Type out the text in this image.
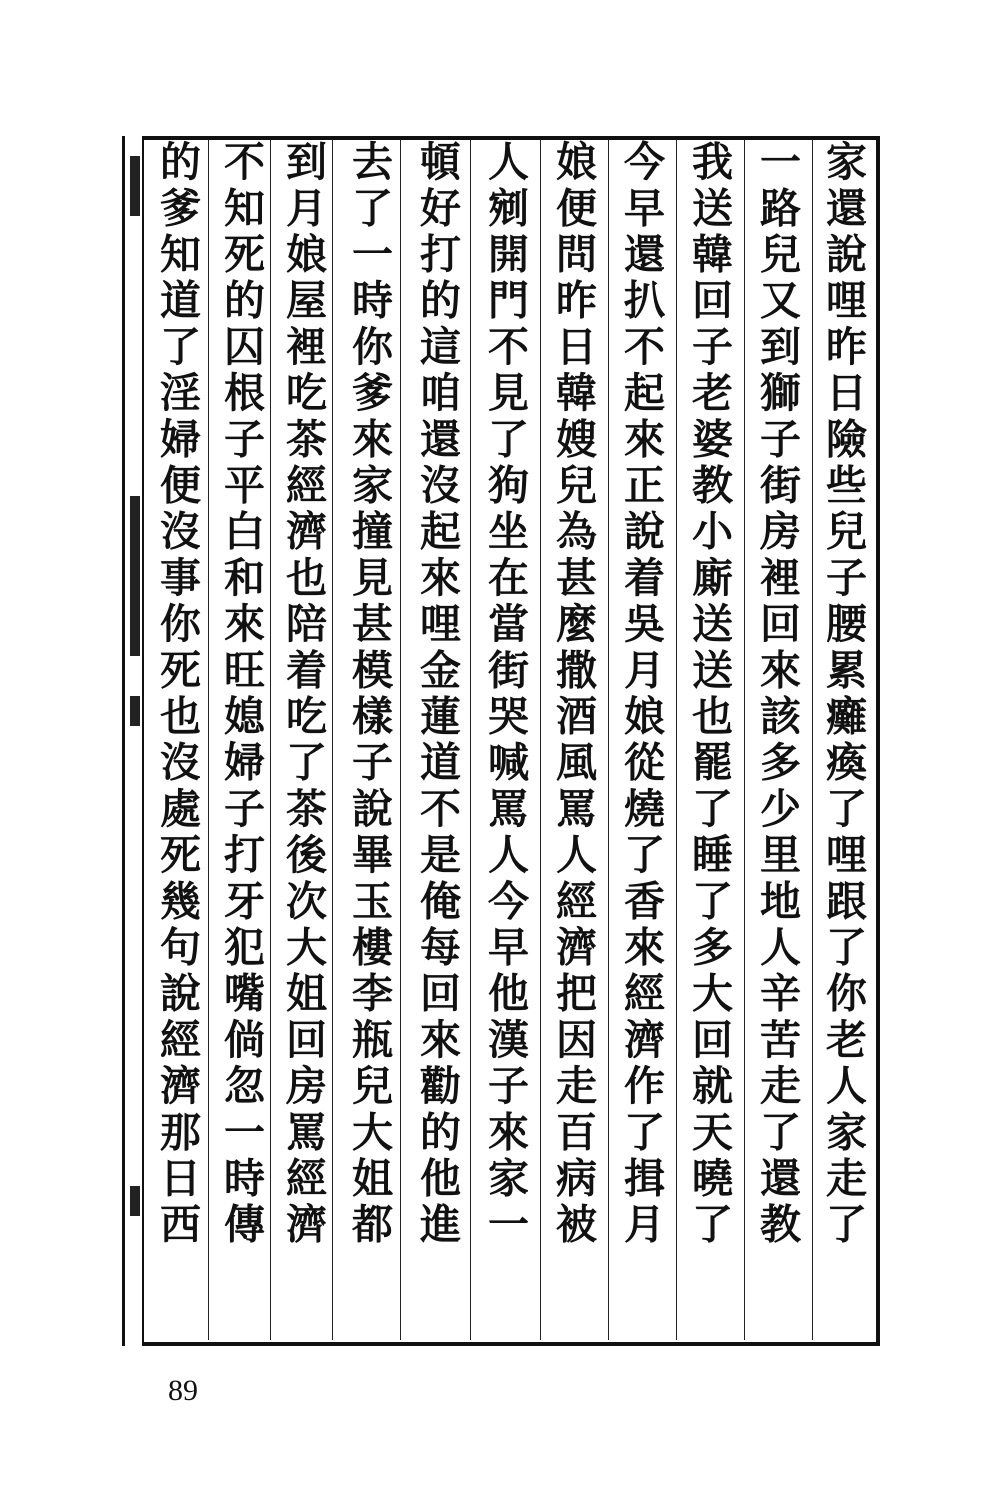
家還說哩昨日險些兒子腰累癱瘓了哩跟了你老人家走了
一路兒又到獅子街房裡回來該多少里地人辛苦走了還教
我送韓回子老婆教小廝送送也罷了睡了多大回就天曉了
今早還扒不起來正說着吳月娘從燒了香來經濟作了揖月
娘便問昨日韓嫂兒為甚麼撒酒風罵人經濟把因走百病被
人剜開門不見了狗坐在當街哭喊罵人今早他漢子來家一
頓好打的這咱還沒起來哩金蓮道不是俺每回來勸的他進
去了一時你爹來家撞見甚模樣子說畢玉樓李瓶兒大姐都
到月娘屋裡吃茶經濟也陪着吃了茶後次大姐回房罵經濟
不知死的囚根子平白和來旺媳婦子打牙犯嘴倘忽一時傳
的爹知道了淫婦便沒事你死也沒處死幾句說經濟那日西
89
